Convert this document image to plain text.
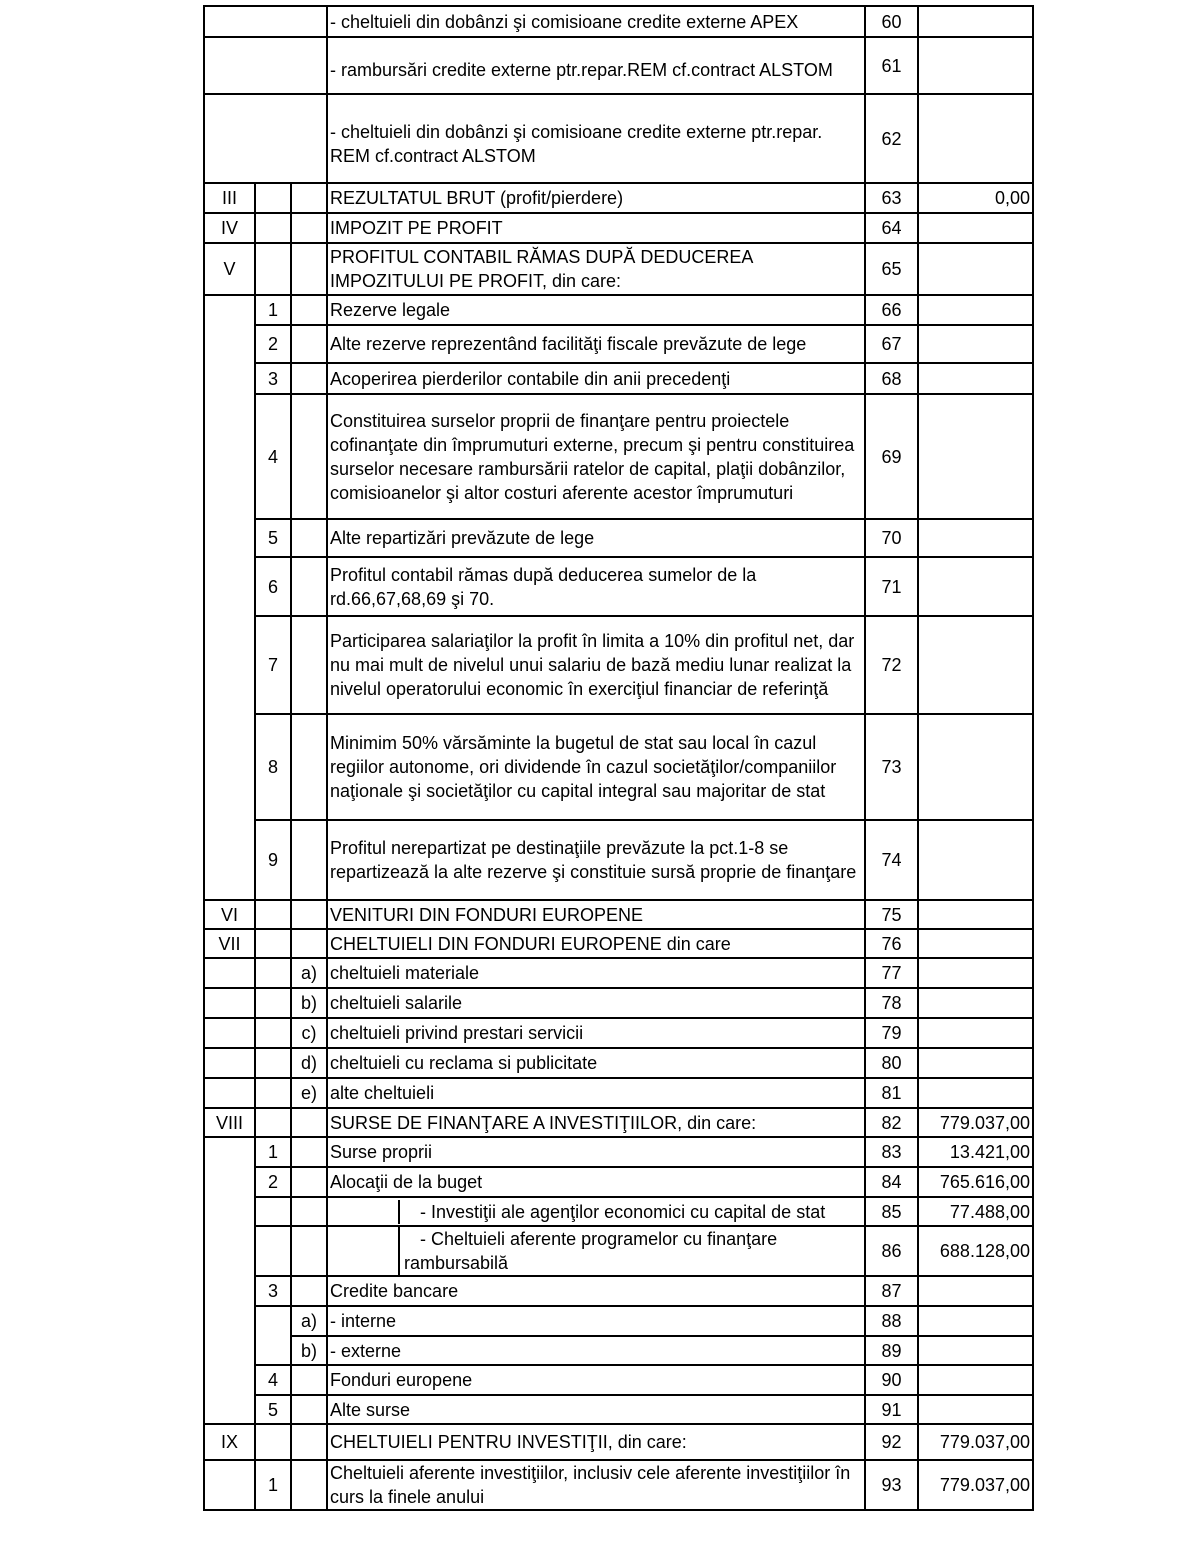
			- cheltuieli din dobânzi şi comisioane credite externe APEX	60	
			- rambursări credite externe ptr.repar.REM cf.contract ALSTOM	61	
			- cheltuieli din dobânzi şi comisioane credite externe ptr.repar. REM cf.contract ALSTOM	62	
III			REZULTATUL BRUT (profit/pierdere)	63	0,00
IV			IMPOZIT PE PROFIT	64	
V			PROFITUL CONTABIL RĂMAS DUPĂ DEDUCEREA IMPOZITULUI PE PROFIT, din care:	65	
	1		Rezerve legale	66	
	2		Alte rezerve reprezentând facilităţi fiscale prevăzute de lege	67	
	3		Acoperirea pierderilor contabile din anii precedenţi	68	
	4		Constituirea surselor proprii de finanţare pentru proiectele cofinanţate din împrumuturi externe, precum şi pentru constituirea surselor necesare rambursării ratelor de capital, plaţii dobânzilor, comisioanelor şi altor costuri aferente acestor împrumuturi	69	
	5		Alte repartizări prevăzute de lege	70	
	6		Profitul contabil rămas după deducerea sumelor de la rd.66,67,68,69 şi 70.	71	
	7		Participarea salariaţilor la profit în limita a 10% din profitul net, dar nu mai mult de nivelul unui salariu de bază mediu lunar realizat la nivelul operatorului economic în exerciţiul financiar de referinţă	72	
	8		Minimim 50% vărsăminte la bugetul de stat sau local în cazul regiilor autonome, ori dividende în cazul societăţilor/companiilor naţionale şi societăţilor cu capital integral sau majoritar de stat	73	
	9		Profitul nerepartizat pe destinaţiile prevăzute la pct.1-8 se repartizează la alte rezerve şi constituie sursă proprie de finanţare	74	
VI			VENITURI DIN FONDURI EUROPENE	75	
VII			CHELTUIELI DIN FONDURI EUROPENE din care	76	
		a)	cheltuieli materiale	77	
		b)	cheltuieli salarile	78	
		c)	cheltuieli privind prestari servicii	79	
		d)	cheltuieli cu reclama si publicitate	80	
		e)	alte cheltuieli	81	
VIII			SURSE DE FINANŢARE A INVESTIŢIILOR, din care:	82	779.037,00
	1		Surse proprii	83	13.421,00
	2		Alocaţii de la buget	84	765.616,00

			- Investiţii ale agenţilor economici cu capital de stat	85	77.488,00

			- Cheltuieli aferente programelor cu finanţare rambursabilă	86	688.128,00
	3		Credite bancare	87	
		a)	- interne	88	
		b)	- externe	89	
	4		Fonduri europene	90	
	5		Alte surse	91	
IX			CHELTUIELI PENTRU INVESTIŢII, din care:	92	779.037,00
	1		Cheltuieli aferente investiţiilor, inclusiv cele aferente investiţiilor în curs la finele anului	93	779.037,00
